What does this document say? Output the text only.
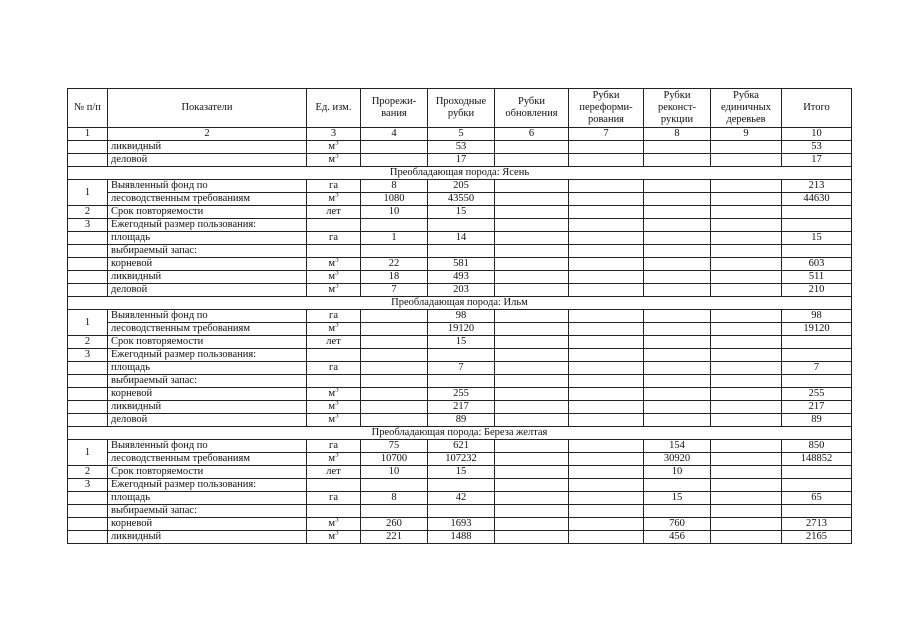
№ п/п	Показатели	Ед. изм.	Прорежи-вания	Проходные рубки	Рубки обновления	Рубки переформи-рования	Рубки реконст-рукции	Рубка единичных деревьев	Итого
1	2	3	4	5	6	7	8	9	10
	ликвидный	$м^3$		53					53
	деловой	$м^3$		17					17
Преобладающая порода: Ясень									
1	Выявленный фонд по	га	8	205					213
	лесоводственным требованиям	$м^3$	1080	43550					44630
2	Срок повторяемости	лет	10	15					
3	Ежегодный размер пользования:								
	площадь	га	1	14					15
	выбираемый запас:								
	корневой	$м^3$	22	581					603
	ликвидный	$м^3$	18	493					511
	деловой	$м^3$	7	203					210
Преобладающая порода: Ильм									
1	Выявленный фонд по	га		98					98
	лесоводственным требованиям	$м^3$		19120					19120
2	Срок повторяемости	лет		15					
3	Ежегодный размер пользования:								
	площадь	га		7					7
	выбираемый запас:								
	корневой	$м^3$		255					255
	ликвидный	$м^3$		217					217
	деловой	$м^3$		89					89
Преобладающая порода: Береза желтая									
1	Выявленный фонд по	га	75	621			154		850
	лесоводственным требованиям	$м^3$	10700	107232			30920		148852
2	Срок повторяемости	лет	10	15			10		
3	Ежегодный размер пользования:								
	площадь	га	8	42			15		65
	выбираемый запас:								
	корневой	$м^3$	260	1693			760		2713
	ликвидный	$м^3$	221	1488			456		2165
